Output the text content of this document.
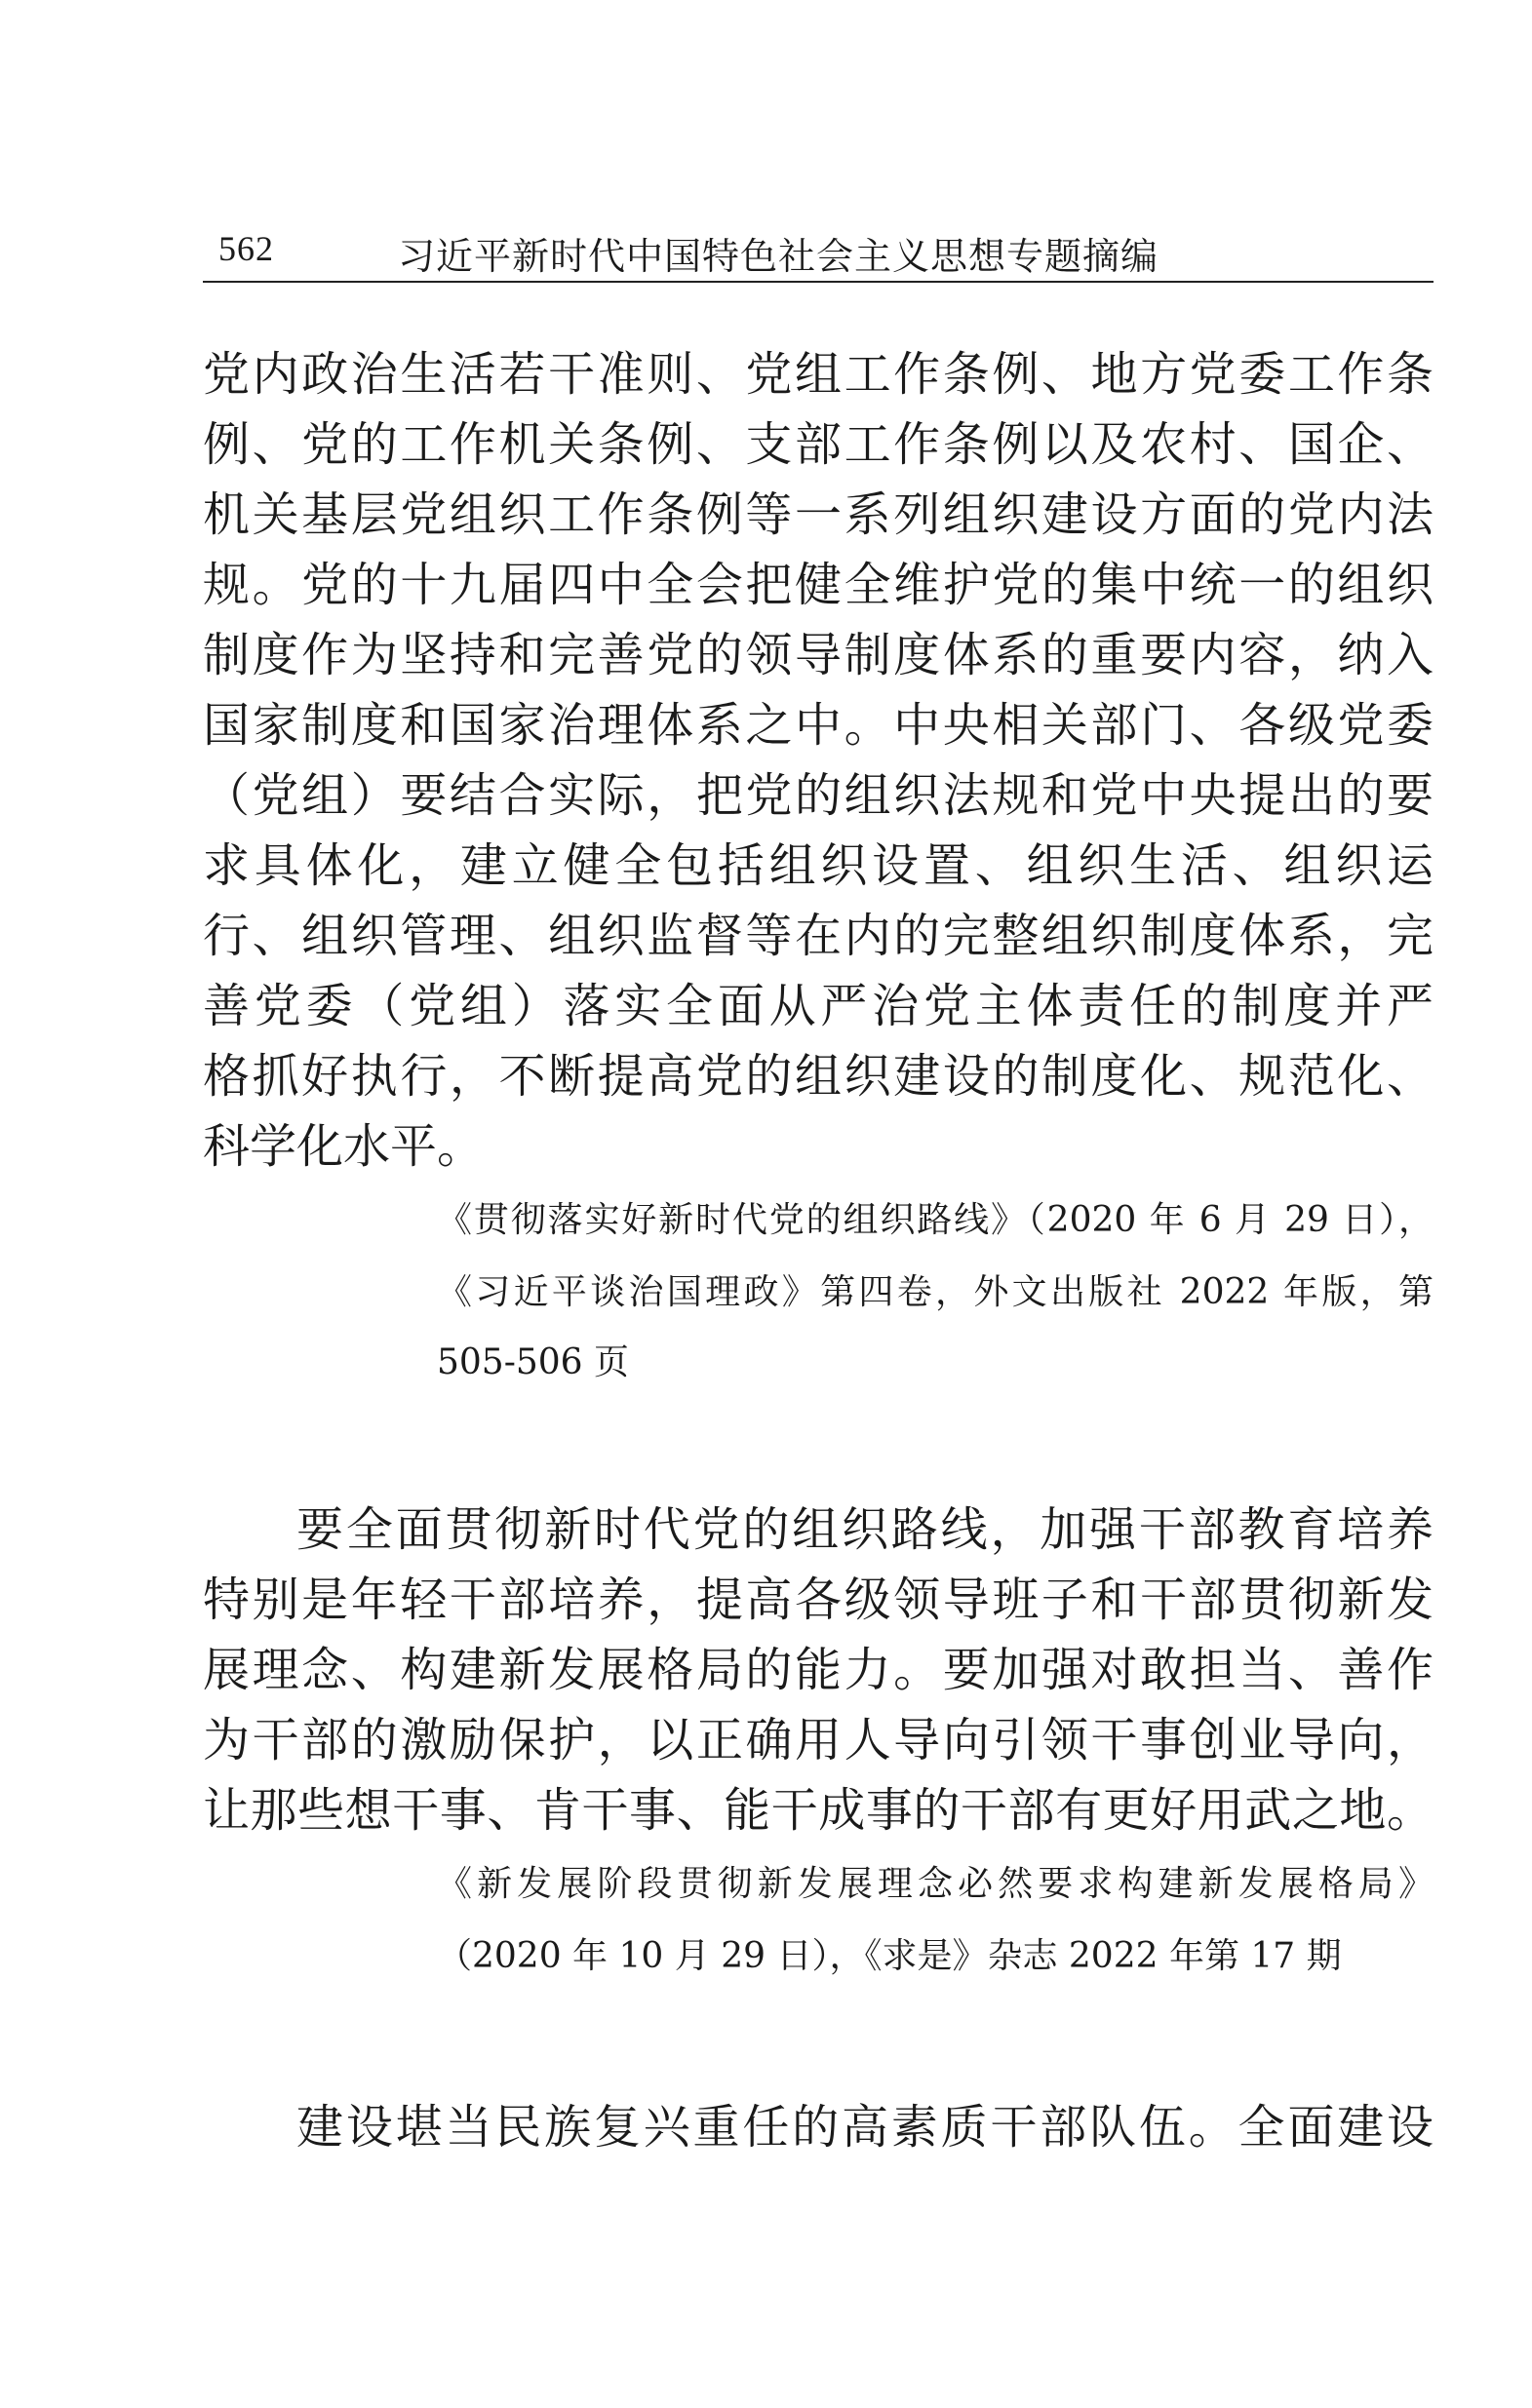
562	习近平新时代中国特色社会主义思想专题摘编
党内政治生活若干准则、党组工作条例、地方党委工作条
例、党的工作机关条例、支部工作条例以及农村、国企、
机关基层党组织工作条例等一系列组织建设方面的党内法
规。党的十九届四中全会把健全维护党的集中统一的组织
制度作为坚持和完善党的领导制度体系的重要内容，纳入
国家制度和国家治理体系之中。中央相关部门、各级党委
（党组）要结合实际，把党的组织法规和党中央提出的要
求具体化，建立健全包括组织设置、组织生活、组织运
行、组织管理、组织监督等在内的完整组织制度体系，完
善党委（党组）落实全面从严治党主体责任的制度并严
格抓好执行，不断提高党的组织建设的制度化、规范化、
科学化水平。
《贯彻落实好新时代党的组织路线》（2020 年 6 月 29 日），
《习近平谈治国理政》第四卷，外文出版社 2022 年版，第
505-506 页
要全面贯彻新时代党的组织路线，加强干部教育培养
特别是年轻干部培养，提高各级领导班子和干部贯彻新发
展理念、构建新发展格局的能力。要加强对敢担当、善作
为干部的激励保护，以正确用人导向引领干事创业导向，
让那些想干事、肯干事、能干成事的干部有更好用武之地。
《新发展阶段贯彻新发展理念必然要求构建新发展格局》
（2020 年 10 月 29 日），《求是》杂志 2022 年第 17 期
建设堪当民族复兴重任的高素质干部队伍。全面建设
